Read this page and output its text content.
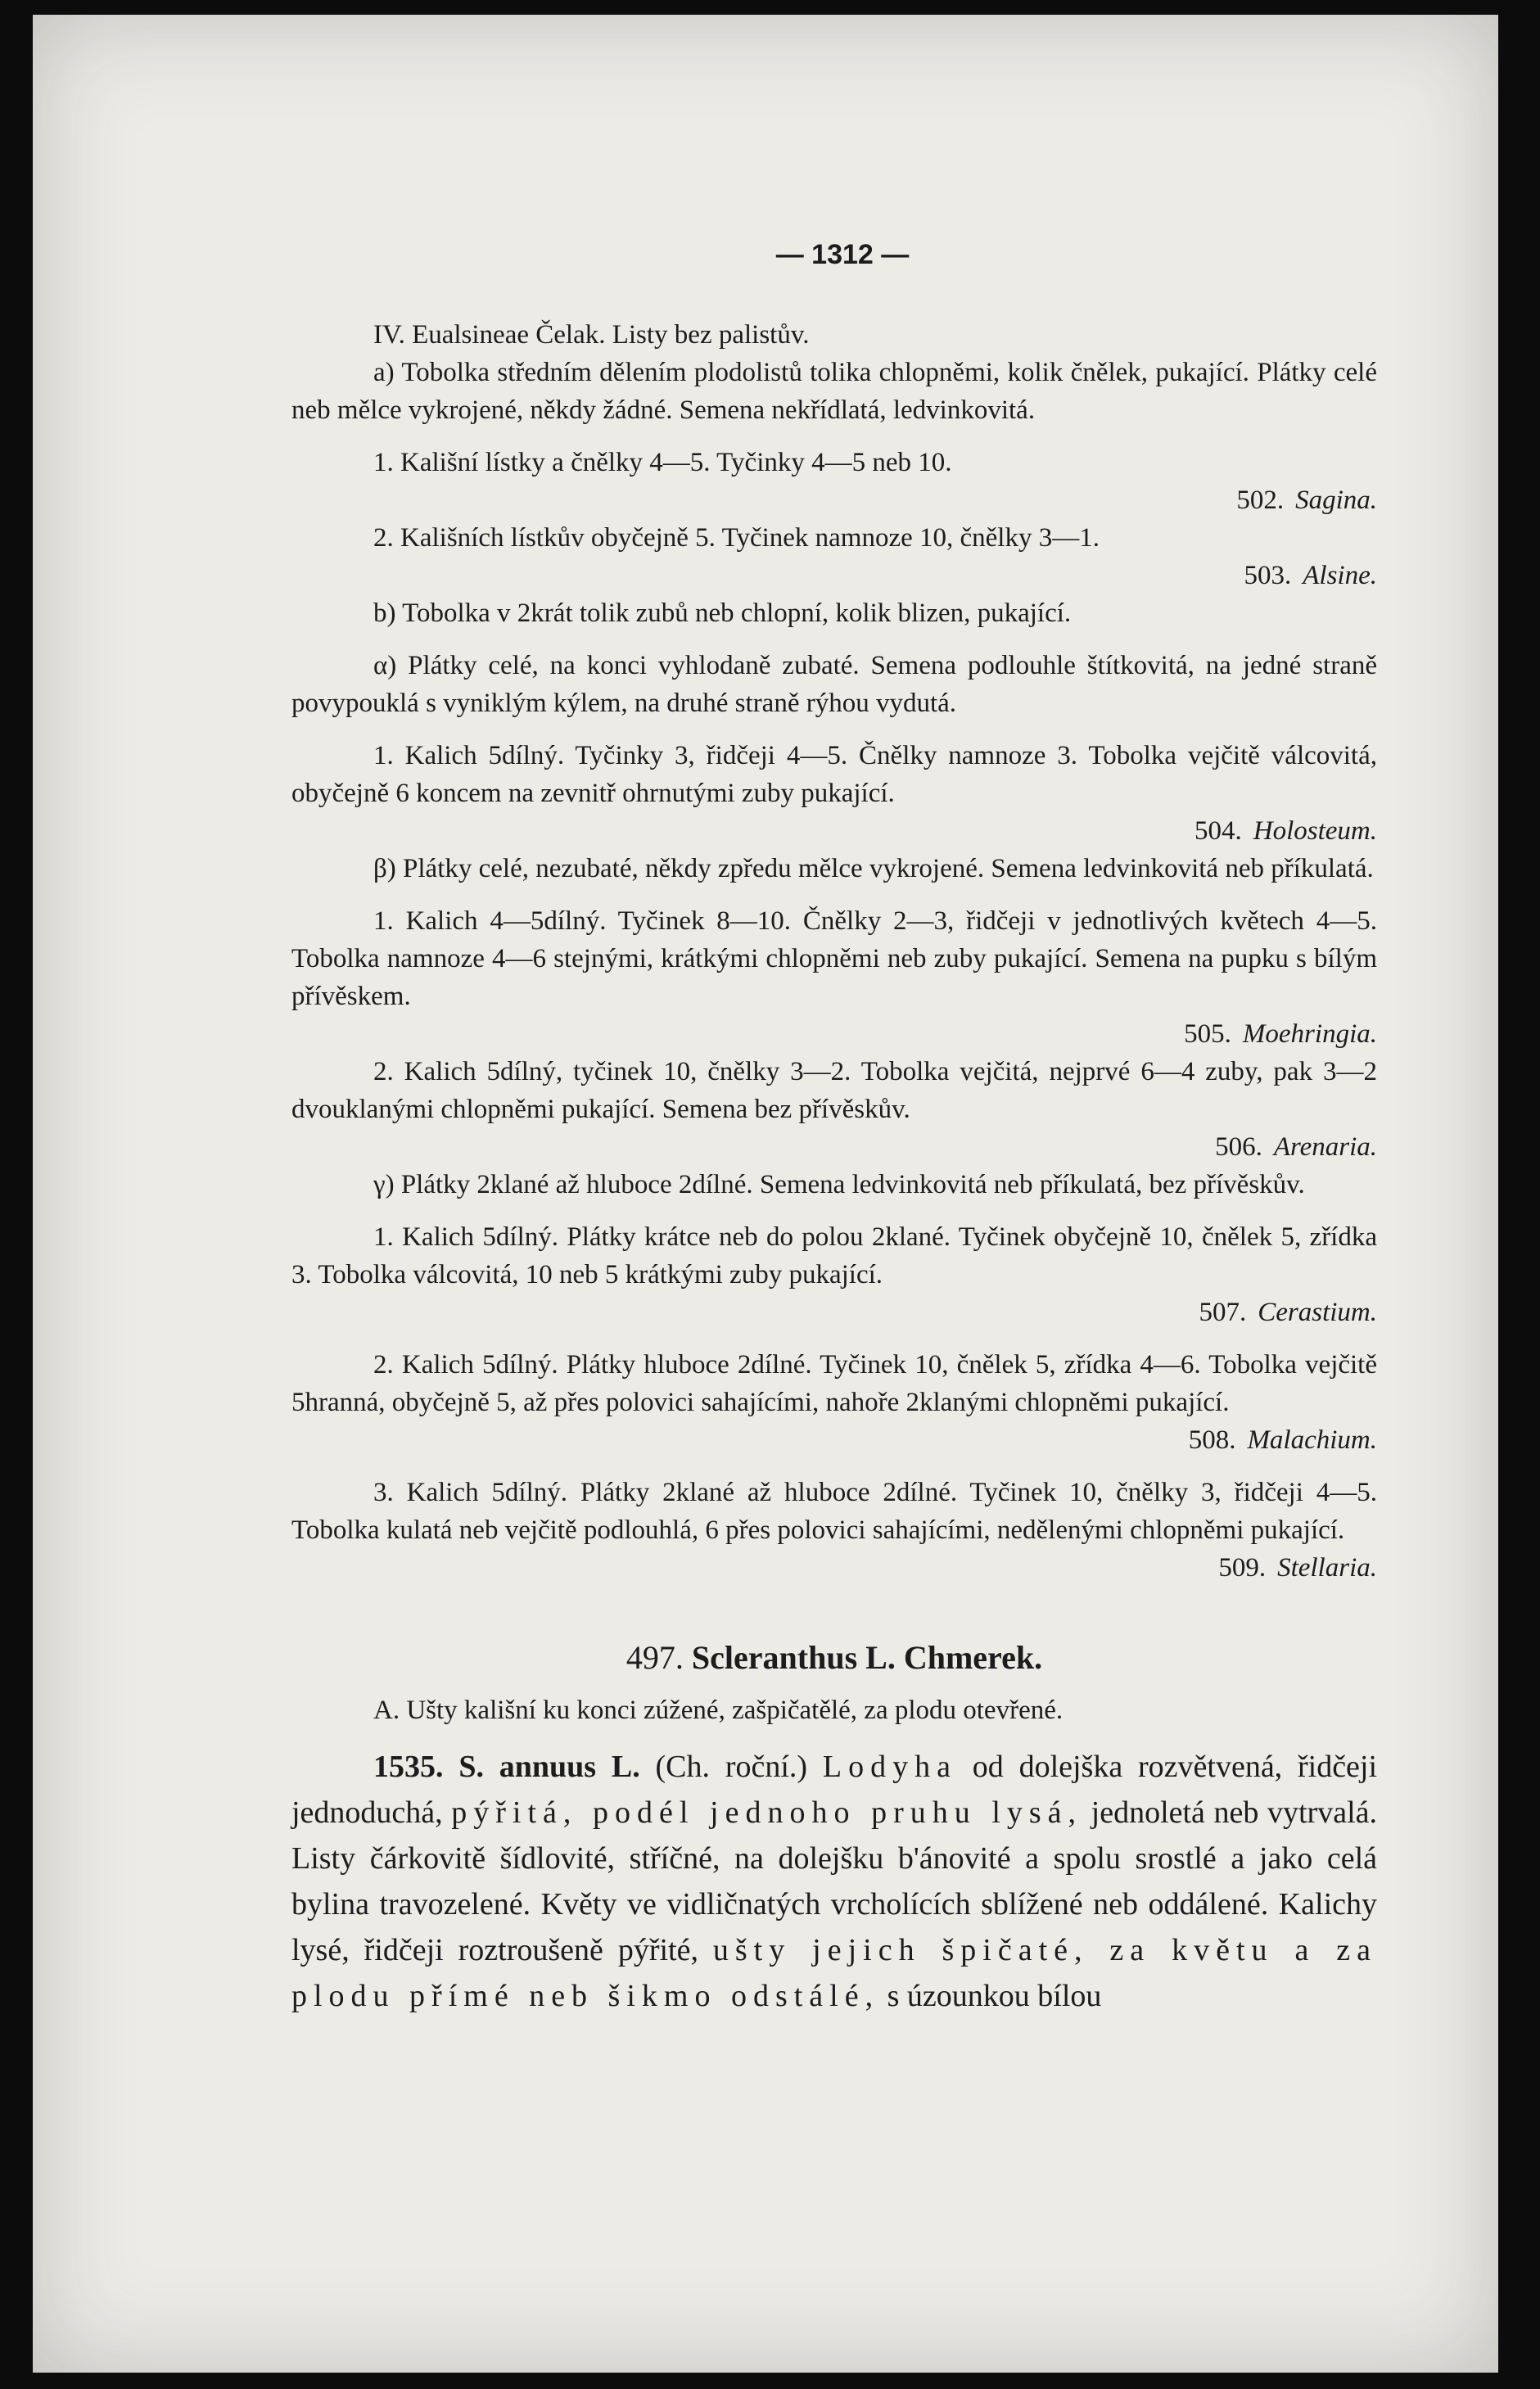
— 1312 —

IV. Eualsineae Čelak. Listy bez palistův.

a) Tobolka středním dělením plodolistů tolika chlopněmi, kolik čnělek, pukající. Plátky celé neb mělce vykrojené, někdy žádné. Semena nekřídlatá, ledvinkovitá.

1. Kališní lístky a čnělky 4—5. Tyčinky 4—5 neb 10.

502. Sagina.

2. Kališních lístkův obyčejně 5. Tyčinek namnoze 10, čnělky 3—1.

503. Alsine.

b) Tobolka v 2krát tolik zubů neb chlopní, kolik blizen, pukající.

α) Plátky celé, na konci vyhlodaně zubaté. Semena podlouhle štítkovitá, na jedné straně povypouklá s vyniklým kýlem, na druhé straně rýhou vydutá.

1. Kalich 5dílný. Tyčinky 3, řidčeji 4—5. Čnělky namnoze 3. Tobolka vejčitě válcovitá, obyčejně 6 koncem na zevnitř ohrnutými zuby pukající.

504. Holosteum.

β) Plátky celé, nezubaté, někdy zpředu mělce vykrojené. Semena ledvinkovitá neb příkulatá.

1. Kalich 4—5dílný. Tyčinek 8—10. Čnělky 2—3, řidčeji v jednotlivých květech 4—5. Tobolka namnoze 4—6 stejnými, krátkými chlopněmi neb zuby pukající. Semena na pupku s bílým přívěskem.

505. Moehringia.

2. Kalich 5dílný, tyčinek 10, čnělky 3—2. Tobolka vejčitá, nejprvé 6—4 zuby, pak 3—2 dvouklanými chlopněmi pukající. Semena bez přívěskův.

506. Arenaria.

γ) Plátky 2klané až hluboce 2dílné. Semena ledvinkovitá neb příkulatá, bez přívěskův.

1. Kalich 5dílný. Plátky krátce neb do polou 2klané. Tyčinek obyčejně 10, čnělek 5, zřídka 3. Tobolka válcovitá, 10 neb 5 krátkými zuby pukající.

507. Cerastium.

2. Kalich 5dílný. Plátky hluboce 2dílné. Tyčinek 10, čnělek 5, zřídka 4—6. Tobolka vejčitě 5hranná, obyčejně 5, až přes polovici sahajícími, nahoře 2klanými chlopněmi pukající.

508. Malachium.

3. Kalich 5dílný. Plátky 2klané až hluboce 2dílné. Tyčinek 10, čnělky 3, řidčeji 4—5. Tobolka kulatá neb vejčitě podlouhlá, 6 přes polovici sahajícími, nedělenými chlopněmi pukající.

509. Stellaria.
497. Scleranthus L. Chmerek.

A. Ušty kališní ku konci zúžené, zašpičatělé, za plodu otevřené.

1535. S. annuus L. (Ch. roční.) Lodyha od dolejška rozvětvená, řidčeji jednoduchá, pýřitá, podél jednoho pruhu lysá, jednoletá neb vytrvalá. Listy čárkovitě šídlovité, stříčné, na dolejšku b'ánovité a spolu srostlé a jako celá bylina travozelené. Květy ve vidličnatých vrcholících sblížené neb oddálené. Kalichy lysé, řidčeji roztroušeně pýřité, ušty jejich špičaté, za květu a za plodu přímé neb šikmo odstálé, s úzounkou bílou
